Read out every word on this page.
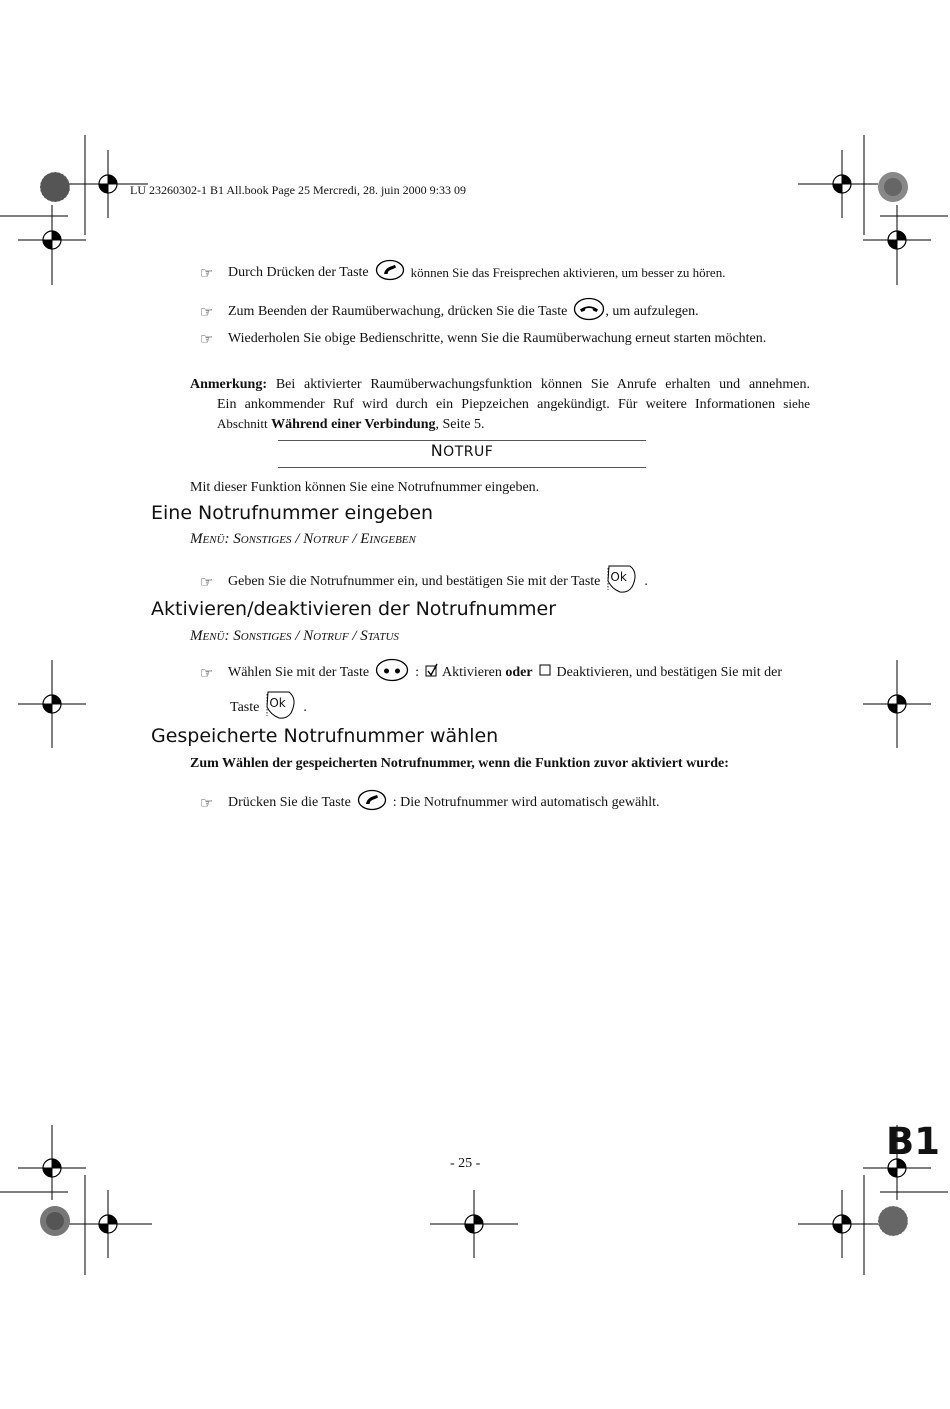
LU 23260302-1 B1 All.book Page 25 Mercredi, 28. juin 2000 9:33 09
☞	Durch Drücken der Taste	können Sie das Freisprechen aktivieren, um besser zu hören.
☞	Zum Beenden der Raumüberwachung, drücken Sie die Taste	, um aufzulegen.
☞	Wiederholen Sie obige Bedienschritte, wenn Sie die Raumüberwachung erneut starten möchten.
Anmerkung: Bei aktivierter Raumüberwachungsfunktion können Sie Anrufe erhalten und annehmen.
Ein ankommender Ruf wird durch ein Piepzeichen angekündigt. Für weitere Informationen siehe
Abschnitt Während einer Verbindung, Seite 5.
NOTRUF
Mit dieser Funktion können Sie eine Notrufnummer eingeben.
Eine Notrufnummer eingeben
Menü: Sonstiges / Notruf / Eingeben
☞	Geben Sie die Notrufnummer ein, und bestätigen Sie mit der Taste Ok .
Aktivieren/deaktivieren der Notrufnummer
Menü: Sonstiges / Notruf / Status
☞	Wählen Sie mit der Taste	: Aktivieren
oder Deaktivieren, und bestätigen Sie mit der
Taste Ok .
Gespeicherte Notrufnummer wählen
Zum Wählen der gespeicherten Notrufnummer, wenn die Funktion zuvor aktiviert wurde:
☞	Drücken Sie die Taste	: Die Notrufnummer wird automatisch gewählt.
B1
- 25 -
